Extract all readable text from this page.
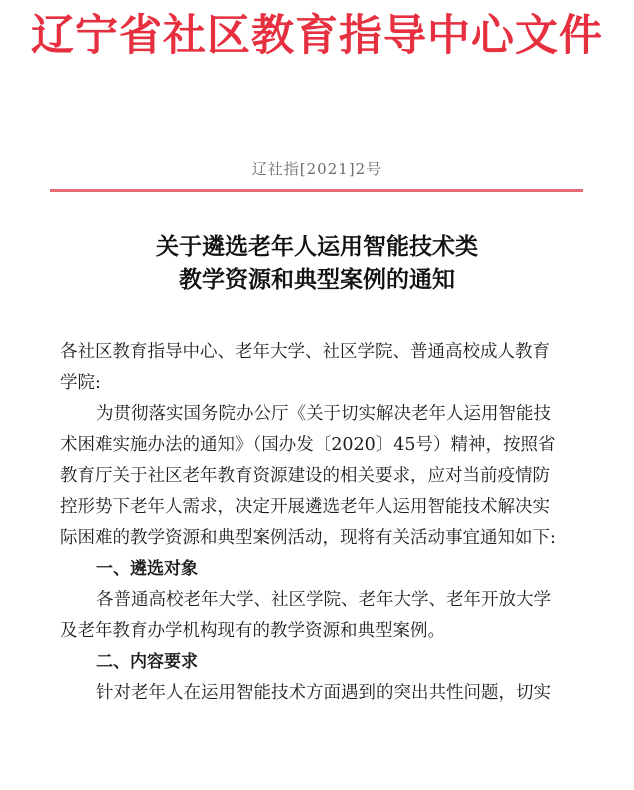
辽宁省社区教育指导中心文件
辽社指[2021]2号
关于遴选老年人运用智能技术类
教学资源和典型案例的通知
各社区教育指导中心、老年大学、社区学院、普通高校成人教育
学院:
为贯彻落实国务院办公厅《关于切实解决老年人运用智能技
术困难实施办法的通知》（国办发〔2020〕45号）精神，按照省
教育厅关于社区老年教育资源建设的相关要求，应对当前疫情防
控形势下老年人需求，决定开展遴选老年人运用智能技术解决实
际困难的教学资源和典型案例活动，现将有关活动事宜通知如下:
一、遴选对象
各普通高校老年大学、社区学院、老年大学、老年开放大学
及老年教育办学机构现有的教学资源和典型案例。
二、内容要求
针对老年人在运用智能技术方面遇到的突出共性问题，切实
